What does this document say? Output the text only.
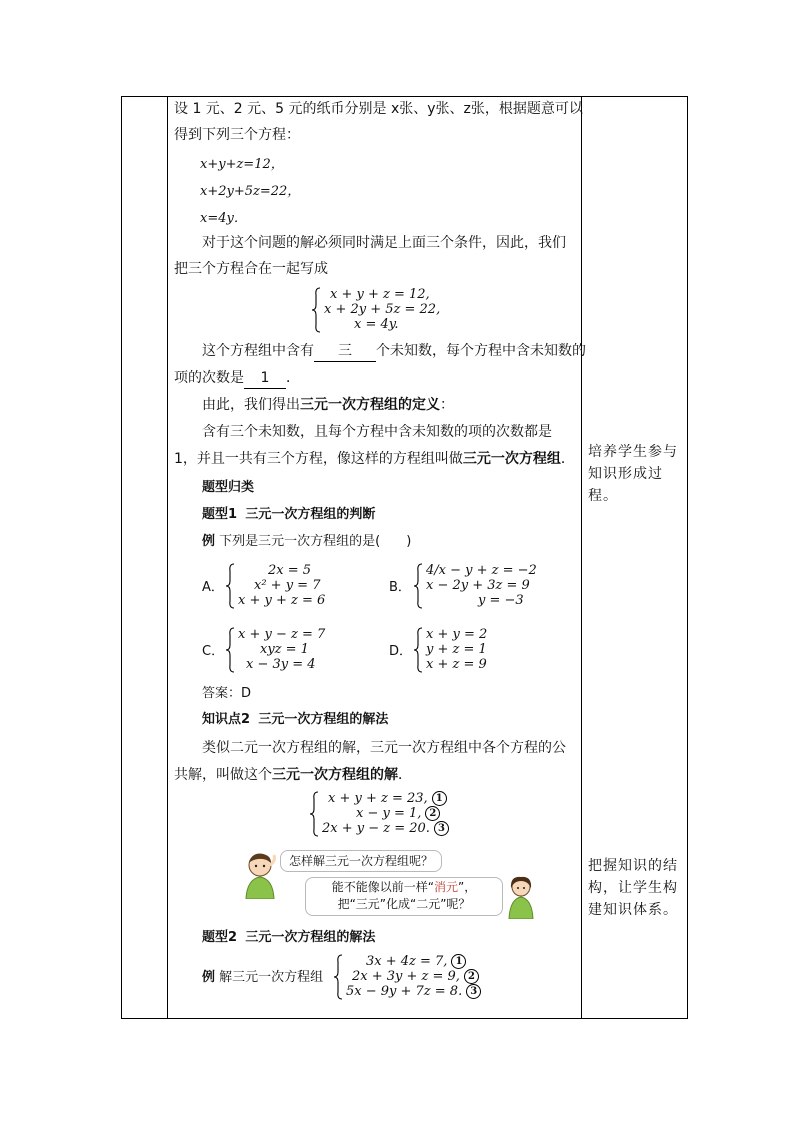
设 1 元、2 元、5 元的纸币分别是 x张、y张、z张，根据题意可以
得到下列三个方程：
x+y+z=12，
x+2y+5z=22，
x=4y．
对于这个问题的解必须同时满足上面三个条件，因此，我们
把三个方程合在一起写成
x + y + z = 12,
x + 2y + 5z = 22,
x = 4y.
这个方程组中含有 三 个未知数，每个方程中含未知数的
项的次数是 1 ．
由此，我们得出三元一次方程组的定义：
含有三个未知数，且每个方程中含未知数的项的次数都是
1，并且一共有三个方程，像这样的方程组叫做三元一次方程组．
题型归类
题型1 三元一次方程组的判断
例 下列是三元一次方程组的是(　　)
A．
2x = 5
x² + y = 7
x + y + z = 6
B．
4/x − y + z = −2
x − 2y + 3z = 9
y = −3
C．
x + y − z = 7
xyz = 1
x − 3y = 4
D．
x + y = 2
y + z = 1
x + z = 9
答案：D
知识点2 三元一次方程组的解法
类似二元一次方程组的解，三元一次方程组中各个方程的公
共解，叫做这个三元一次方程组的解．
x + y + z = 23, 1
x − y = 1, 2
2x + y − z = 20. 3
怎样解三元一次方程组呢？
能不能像以前一样“消元”，
把“三元”化成“二元”呢？
题型2 三元一次方程组的解法
例 解三元一次方程组
3x + 4z = 7, 1
2x + 3y + z = 9, 2
5x − 9y + 7z = 8. 3
培养学生参与
知识形成过
程。
把握知识的结
构，让学生构
建知识体系。
